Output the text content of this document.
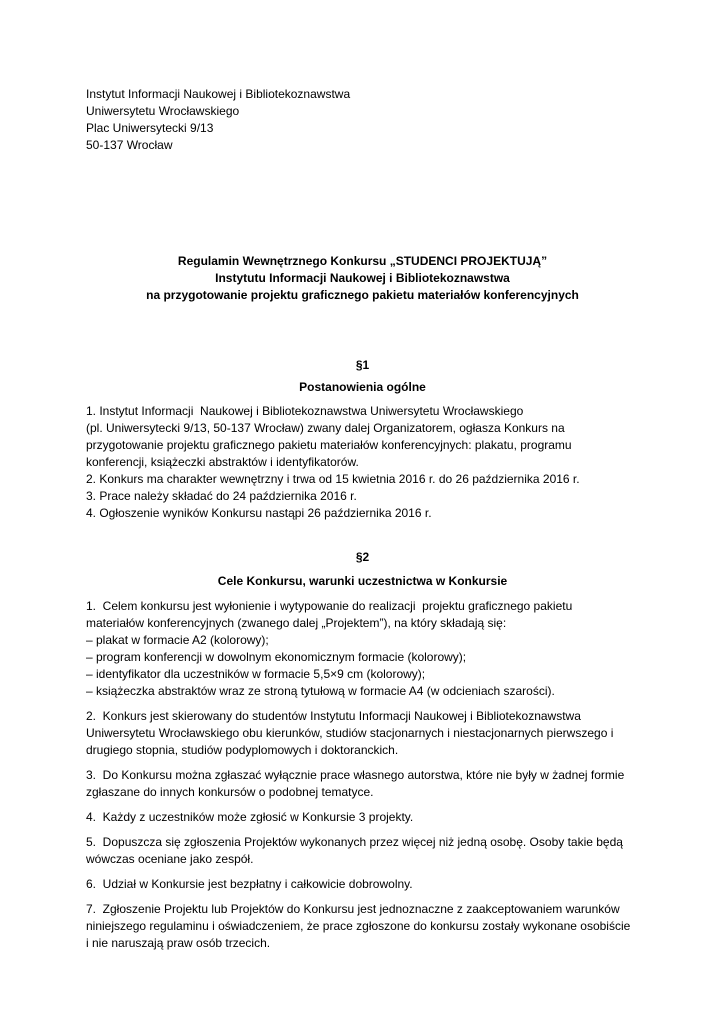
Instytut Informacji Naukowej i Bibliotekoznawstwa
Uniwersytetu Wrocławskiego
Plac Uniwersytecki 9/13
50-137 Wrocław
Regulamin Wewnętrznego Konkursu „STUDENCI PROJEKTUJĄ”
Instytutu Informacji Naukowej i Bibliotekoznawstwa
na przygotowanie projektu graficznego pakietu materiałów konferencyjnych
§1
Postanowienia ogólne
1. Instytut Informacji  Naukowej i Bibliotekoznawstwa Uniwersytetu Wrocławskiego
(pl. Uniwersytecki 9/13, 50-137 Wrocław) zwany dalej Organizatorem, ogłasza Konkurs na
przygotowanie projektu graficznego pakietu materiałów konferencyjnych: plakatu, programu
konferencji, książeczki abstraktów i identyfikatorów.
2. Konkurs ma charakter wewnętrzny i trwa od 15 kwietnia 2016 r. do 26 października 2016 r.
3. Prace należy składać do 24 października 2016 r.
4. Ogłoszenie wyników Konkursu nastąpi 26 października 2016 r.
§2
Cele Konkursu, warunki uczestnictwa w Konkursie
1.  Celem konkursu jest wyłonienie i wytypowanie do realizacji  projektu graficznego pakietu
materiałów konferencyjnych (zwanego dalej „Projektem”), na który składają się:
– plakat w formacie A2 (kolorowy);
– program konferencji w dowolnym ekonomicznym formacie (kolorowy);
– identyfikator dla uczestników w formacie 5,5×9 cm (kolorowy);
– książeczka abstraktów wraz ze stroną tytułową w formacie A4 (w odcieniach szarości).
2.  Konkurs jest skierowany do studentów Instytutu Informacji Naukowej i Bibliotekoznawstwa
Uniwersytetu Wrocławskiego obu kierunków, studiów stacjonarnych i niestacjonarnych pierwszego i
drugiego stopnia, studiów podyplomowych i doktoranckich.
3.  Do Konkursu można zgłaszać wyłącznie prace własnego autorstwa, które nie były w żadnej formie
zgłaszane do innych konkursów o podobnej tematyce.
4.  Każdy z uczestników może zgłosić w Konkursie 3 projekty.
5.  Dopuszcza się zgłoszenia Projektów wykonanych przez więcej niż jedną osobę. Osoby takie będą
wówczas oceniane jako zespół.
6.  Udział w Konkursie jest bezpłatny i całkowicie dobrowolny.
7.  Zgłoszenie Projektu lub Projektów do Konkursu jest jednoznaczne z zaakceptowaniem warunków
niniejszego regulaminu i oświadczeniem, że prace zgłoszone do konkursu zostały wykonane osobiście
i nie naruszają praw osób trzecich.
